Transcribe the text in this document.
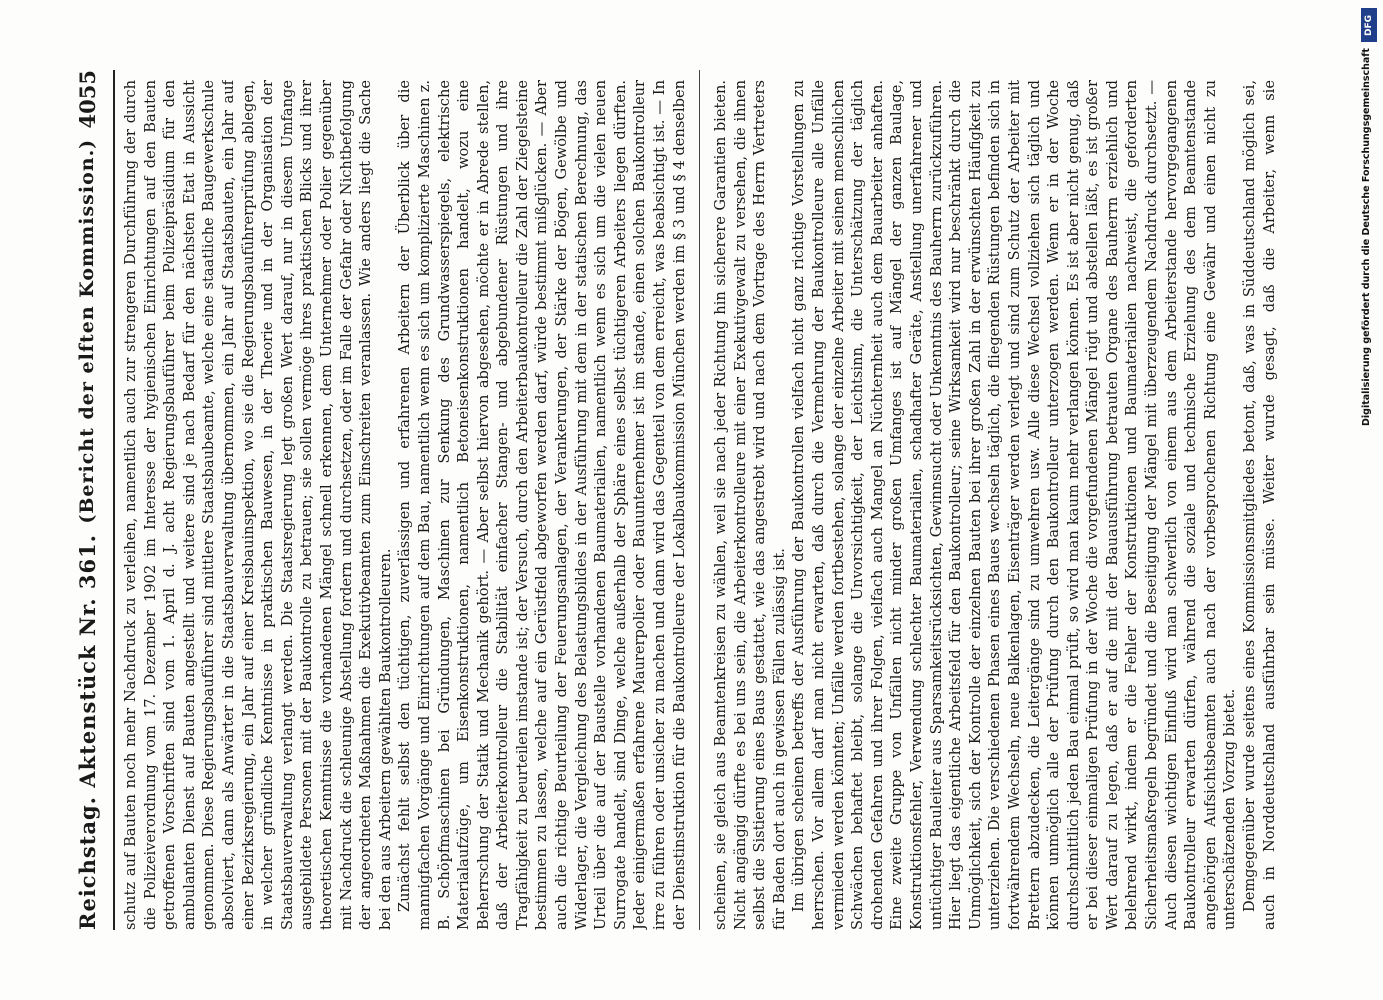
Reichstag. Aktenstück Nr. 361.
(Bericht der elften Kommission.)
4055 schutz auf Bauten noch mehr Nachdruck zu verleihen, namentlich auch zur strengeren Durchführung der durch die Polizeiverordnung vom 17. Dezember 1902 im Interesse der hygienischen Einrichtungen auf den Bauten getroffenen Vorschriften sind vom 1. April d. J. acht Regierungsbauführer beim Polizeipräsidium für den ambulanten Dienst auf Bauten angestellt und weitere sind je nach Bedarf für den nächsten Etat in Aussicht genommen. Diese Regierungsbauführer sind mittlere Staatsbaubeamte, welche eine staatliche Baugewerkschule absolviert, dann als Anwärter in die Staatsbauverwaltung übernommen, ein Jahr auf Staatsbauten, ein Jahr auf einer Bezirksregierung, ein Jahr auf einer Kreisbauinspektion, wo sie die Regierungsbauführerprüfung ablegen, in welcher gründliche Kenntnisse in praktischen Bauwesen, in der Theorie und in der Organisation der Staatsbauverwaltung verlangt werden. Die Staatsregierung legt großen Wert darauf, nur in diesem Umfange ausgebildete Personen mit der Baukontrolle zu betrauen; sie sollen vermöge ihres praktischen Blicks und ihrer theoretischen Kenntnisse die vorhandenen Mängel schnell erkennen, dem Unternehmer oder Polier gegenüber mit Nachdruck die schleunige Abstellung fordern und durchsetzen, oder im Falle der Gefahr oder Nichtbefolgung der angeordneten Maßnahmen die Exekutivbeamten zum Einschreiten veranlassen. Wie anders liegt die Sache bei den aus Arbeitern gewählten Baukontrolleuren. Zunächst fehlt selbst den tüchtigen, zuverlässigen und erfahrenen Arbeitern der Überblick über die mannigfachen Vorgänge und Einrichtungen auf dem Bau, namentlich wenn es sich um komplizierte Maschinen z. B. Schöpfmaschinen bei Gründungen, Maschinen zur Senkung des Grundwasserspiegels, elektrische Materialaufzüge, um Eisenkonstruktionen, namentlich Betoneisenkonstruktionen handelt, wozu eine Beherrschung der Statik und Mechanik gehört. — Aber selbst hiervon abgesehen, möchte er in Abrede stellen, daß der Arbeiterkontrolleur die Stabilität einfacher Stangen- und abgebundener Rüstungen und ihre Tragfähigkeit zu beurteilen imstande ist; der Versuch, durch den Arbeiterbaukontrolleur die Zahl der Ziegelsteine bestimmen zu lassen, welche auf ein Gerüstfeld abgeworfen werden darf, würde bestimmt mißglücken. — Aber auch die richtige Beurteilung der Feuerungsanlagen, der Verankerungen, der Stärke der Bögen, Gewölbe und Widerlager, die Vergleichung des Belastungsbildes in der Ausführung mit dem in der statischen Berechnung, das Urteil über die auf der Baustelle vorhandenen Baumaterialien, namentlich wenn es sich um die vielen neuen Surrogate handelt, sind Dinge, welche außerhalb der Sphäre eines selbst tüchtigeren Arbeiters liegen dürften. Jeder einigermaßen erfahrene Maurerpolier oder Bauunternehmer ist im stande, einen solchen Baukontrolleur irre zu führen oder unsicher zu machen und dann wird das Gegenteil von dem erreicht, was beabsichtigt ist. — In der Dienstinstruktion für die Baukontrolleure der Lokalbaukommission München werden im § 3 und § 4 denselben	scheinen, sie gleich aus Beamtenkreisen zu wählen, weil sie nach jeder Richtung hin sicherere Garantien bieten. Nicht angängig dürfte es bei uns sein, die Arbeiterkontrolleure mit einer Exekutivgewalt zu versehen, die ihnen selbst die Sistierung eines Baus gestattet, wie das angestrebt wird und nach dem Vortrage des Herrn Vertreters für Baden dort auch in gewissen Fällen zulässig ist. Im übrigen scheinen betreffs der Ausführung der Baukontrollen vielfach nicht ganz richtige Vorstellungen zu herrschen. Vor allem darf man nicht erwarten, daß durch die Vermehrung der Baukontrolleure alle Unfälle vermieden werden könnten; Unfälle werden fortbestehen, solange der einzelne Arbeiter mit seinen menschlichen Schwächen behaftet bleibt, solange die Unvorsichtigkeit, der Leichtsinn, die Unterschätzung der täglich drohenden Gefahren und ihrer Folgen, vielfach auch Mangel an Nüchternheit auch dem Bauarbeiter anhaften. Eine zweite Gruppe von Unfällen nicht minder großen Umfanges ist auf Mängel der ganzen Baulage, Konstruktionsfehler, Verwendung schlechter Baumaterialien, schadhafter Geräte, Anstellung unerfahrener und untüchtiger Bauleiter aus Sparsamkeitsrücksichten, Gewinnsucht oder Unkenntnis des Bauherrn zurückzuführen. Hier liegt das eigentliche Arbeitsfeld für den Baukontrolleur; seine Wirksamkeit wird nur beschränkt durch die Unmöglichkeit, sich der Kontrolle der einzelnen Bauten bei ihrer großen Zahl in der erwünschten Häufigkeit zu unterziehen. Die verschiedenen Phasen eines Baues wechseln täglich, die fliegenden Rüstungen befinden sich in fortwährendem Wechseln, neue Balkenlagen, Eisenträger werden verlegt und sind zum Schutz der Arbeiter mit Brettern abzudecken, die Leitergänge sind zu umwehren usw. Alle diese Wechsel vollziehen sich täglich und können unmöglich alle der Prüfung durch den Baukontrolleur unterzogen werden. Wenn er in der Woche durchschnittlich jeden Bau einmal prüft, so wird man kaum mehr verlangen können. Es ist aber nicht genug, daß er bei dieser einmaligen Prüfung in der Woche die vorgefundenen Mängel rügt und abstellen läßt, es ist großer Wert darauf zu legen, daß er auf die mit der Bauausführung betrauten Organe des Bauherrn erziehlich und belehrend wirkt, indem er die Fehler der Konstruktionen und Baumaterialien nachweist, die geforderten Sicherheitsmaßregeln begründet und die Beseitigung der Mängel mit überzeugendem Nachdruck durchsetzt. — Auch diesen wichtigen Einfluß wird man schwerlich von einem aus dem Arbeiterstande hervorgegangenen Baukontrolleur erwarten dürfen, während die soziale und technische Erziehung des dem Beamtenstande angehörigen Aufsichtsbeamten auch nach der vorbesprochenen Richtung eine Gewähr und einen nicht zu unterschätzenden Vorzug bietet. Demgegenüber wurde seitens eines Kommissionsmitgliedes betont, daß, was in Süddeutschland möglich sei, auch in Norddeutschland ausführbar sein müsse. Weiter wurde gesagt, daß die Arbeiter, wenn sie

DFG
Digitalisierung gefördert durch die Deutsche Forschungsgemeinschaft
